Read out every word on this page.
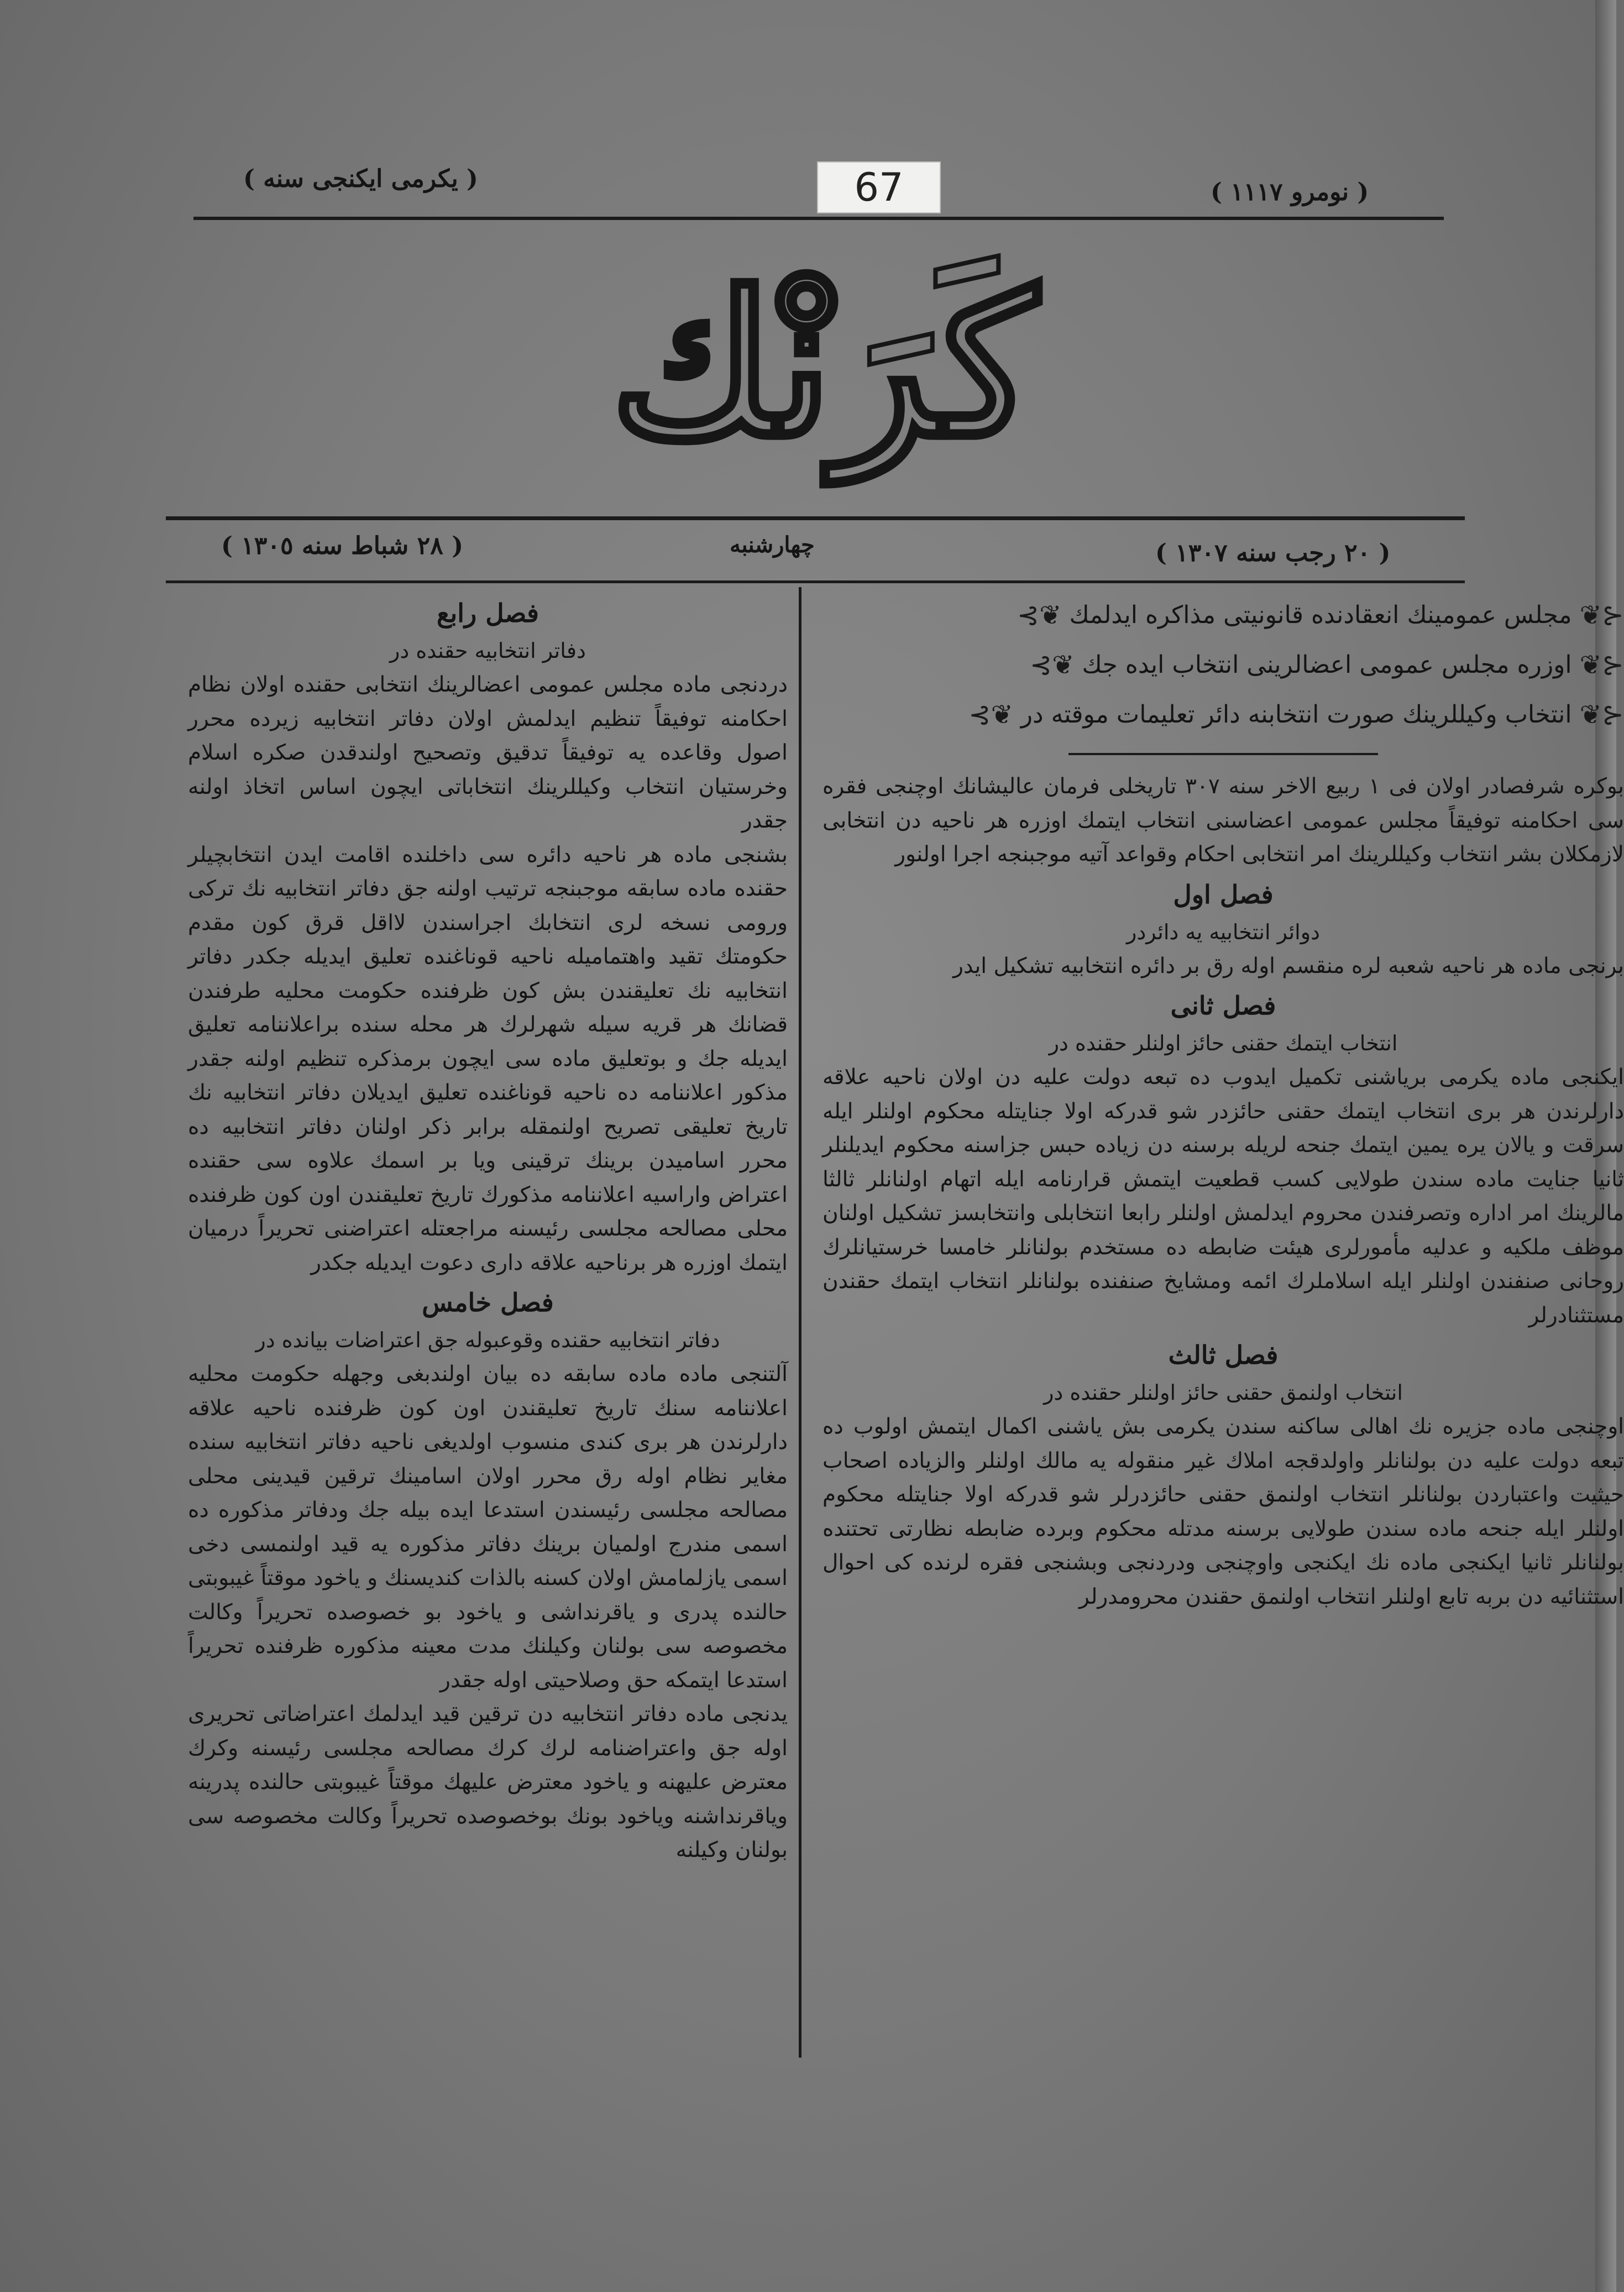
67	( نومرو ١١١٧ )
( يكرمى ايكنجى سنه )
كَرَنْك
( ٢٠ رجب سنه ١٣٠٧ )
چهارشنبه
( ٢٨ شباط سنه ١٣٠٥ )
⊰❦
مجلس عمومينك انعقادنده قانونيتى مذاكره ايدلمك
❦⊱
⊰❦
اوزره مجلس عمومى اعضالرينى انتخاب ايده جك
❦⊱
⊰❦
انتخاب وكيللرينك صورت انتخابنه دائر تعليمات موقته در
❦⊱

بوكره شرفصادر اولان فى ١ ربيع الاخر سنه ٣٠٧ تاريخلى فرمان عاليشانك اوچنجى فقره سى احكامنه توفيقاً مجلس عمومى اعضاسنى انتخاب ايتمك اوزره هر ناحيه دن انتخابى لازمكلان بشر انتخاب وكيللرينك امر انتخابى احكام وقواعد آتيه موجبنجه اجرا اولنور

فصل اول
دوائر انتخابيه يه دائردر

برنجى ماده هر ناحيه شعبه لره منقسم اوله رق بر دائره انتخابيه تشكيل ايدر

فصل ثانى
انتخاب ايتمك حقنى حائز اولنلر حقنده در

ايكنجى ماده يكرمى برياشنى تكميل ايدوب ده تبعه دولت عليه دن اولان ناحيه علاقه دارلرندن هر برى انتخاب ايتمك حقنى حائزدر شو قدركه اولا جنايتله محكوم اولنلر ايله سرقت و يالان يره يمين ايتمك جنحه لريله برسنه دن زياده حبس جزاسنه محكوم ايديلنلر ثانيا جنايت ماده سندن طولايى كسب قطعيت ايتمش قرارنامه ايله اتهام اولنانلر ثالثا مالرينك امر اداره وتصرفندن محروم ايدلمش اولنلر رابعا انتخابلى وانتخابسز تشكيل اولنان موظف ملكيه و عدليه مأمورلرى هيئت ضابطه ده مستخدم بولنانلر خامسا خرستيانلرك روحانى صنفندن اولنلر ايله اسلاملرك ائمه ومشايخ صنفنده بولنانلر انتخاب ايتمك حقندن مستثنادرلر

فصل ثالث
انتخاب اولنمق حقنى حائز اولنلر حقنده در

اوچنجى ماده جزيره نك اهالى ساكنه سندن يكرمى بش ياشنى اكمال ايتمش اولوب ده تبعه دولت عليه دن بولنانلر واولدقجه املاك غير منقوله يه مالك اولنلر والزياده اصحاب حيثيت واعتباردن بولنانلر انتخاب اولنمق حقنى حائزدرلر شو قدركه اولا جنايتله محكوم اولنلر ايله جنحه ماده سندن طولايى برسنه مدتله محكوم وبرده ضابطه نظارتى تحتنده بولنانلر ثانيا ايكنجى ماده نك ايكنجى واوچنجى ودردنجى وبشنجى فقره لرنده كى احوال استثنائيه دن بربه تابع اولنلر انتخاب اولنمق حقندن محرومدرلر

فصل رابع
دفاتر انتخابيه حقنده در

دردنجى ماده مجلس عمومى اعضالرينك انتخابى حقنده اولان نظام احكامنه توفيقاً تنظيم ايدلمش اولان دفاتر انتخابيه زيرده محرر اصول وقاعده يه توفيقاً تدقيق وتصحيح اولندقدن صكره اسلام وخرستيان انتخاب وكيللرينك انتخاباتى ايچون اساس اتخاذ اولنه جقدر
بشنجى ماده هر ناحيه دائره سى داخلنده اقامت ايدن انتخابچيلر حقنده ماده سابقه موجبنجه ترتيب اولنه جق دفاتر انتخابيه نك تركى ورومى نسخه لرى انتخابك اجراسندن لااقل قرق كون مقدم حكومتك تقيد واهتماميله ناحيه قوناغنده تعليق ايديله جكدر دفاتر انتخابيه نك تعليقندن بش كون ظرفنده حكومت محليه طرفندن قضانك هر قريه سيله شهرلرك هر محله سنده براعلاننامه تعليق ايديله جك و بوتعليق ماده سى ايچون برمذكره تنظيم اولنه جقدر مذكور اعلاننامه ده ناحيه قوناغنده تعليق ايديلان دفاتر انتخابيه نك تاريخ تعليقى تصريح اولنمقله برابر ذكر اولنان دفاتر انتخابيه ده محرر اساميدن برينك ترقينى ويا بر اسمك علاوه سى حقنده اعتراض واراسيه اعلاننامه مذكورك تاريخ تعليقندن اون كون ظرفنده محلى مصالحه مجلسى رئيسنه مراجعتله اعتراضنى تحريراً درميان ايتمك اوزره هر برناحيه علاقه دارى دعوت ايديله جكدر

فصل خامس
دفاتر انتخابيه حقنده وقوعبوله جق اعتراضات بيانده در

آلتنجى ماده ماده سابقه ده بيان اولندبغى وجهله حكومت محليه اعلاننامه سنك تاريخ تعليقندن اون كون ظرفنده ناحيه علاقه دارلرندن هر برى كندى منسوب اولديغى ناحيه دفاتر انتخابيه سنده مغاير نظام اوله رق محرر اولان اسامينك ترقين قيدينى محلى مصالحه مجلسى رئيسندن استدعا ايده بيله جك ودفاتر مذكوره ده اسمى مندرج اولميان برينك دفاتر مذكوره يه قيد اولنمسى دخى اسمى يازلمامش اولان كسنه بالذات كنديسنك و ياخود موقتاً غيبوبتى حالنده پدرى و ياقرنداشى و ياخود بو خصوصده تحريراً وكالت مخصوصه سى بولنان وكيلنك مدت معينه مذكوره ظرفنده تحريراً استدعا ايتمكه حق وصلاحيتى اوله جقدر
يدنجى ماده دفاتر انتخابيه دن ترقين قيد ايدلمك اعتراضاتى تحريرى اوله جق واعتراضنامه لرك كرك مصالحه مجلسى رئيسنه وكرك معترض عليهنه و ياخود معترض عليهك موقتاً غيبوبتى حالنده پدرينه وياقرنداشنه وياخود بونك بوخصوصده تحريراً وكالت مخصوصه سى بولنان وكيلنه
